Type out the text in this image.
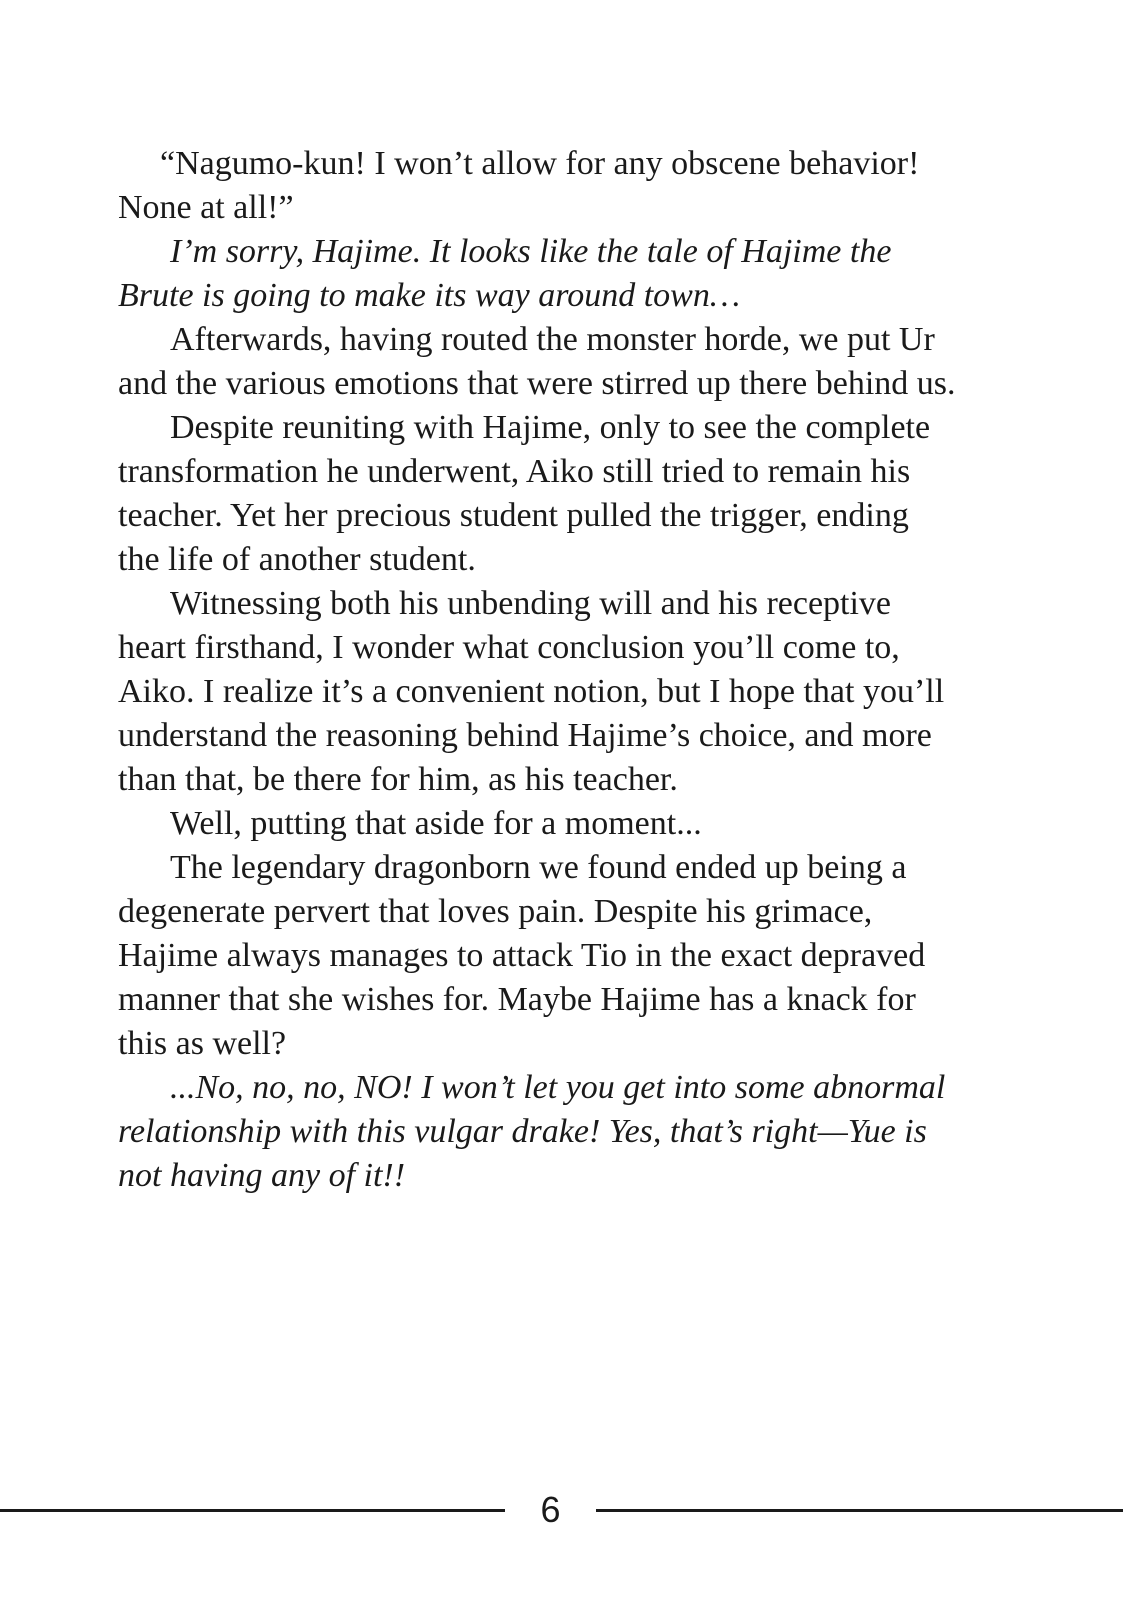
“Nagumo-kun! I won’t allow for any obscene behavior! None at all!”

I’m sorry, Hajime. It looks like the tale of Hajime the Brute is going to make its way around town…

Afterwards, having routed the monster horde, we put Ur and the various emotions that were stirred up there behind us.

Despite reuniting with Hajime, only to see the complete transformation he underwent, Aiko still tried to remain his teacher. Yet her precious student pulled the trigger, ending the life of another student.

Witnessing both his unbending will and his receptive heart firsthand, I wonder what conclusion you’ll come to, Aiko. I realize it’s a convenient notion, but I hope that you’ll understand the reasoning behind Hajime’s choice, and more than that, be there for him, as his teacher.

Well, putting that aside for a moment...

The legendary dragonborn we found ended up being a degenerate pervert that loves pain. Despite his grimace, Hajime always manages to attack Tio in the exact depraved manner that she wishes for. Maybe Hajime has a knack for this as well?

...No, no, no, NO! I won’t let you get into some abnormal relationship with this vulgar drake! Yes, that’s right—Yue is not having any of it!!

6
